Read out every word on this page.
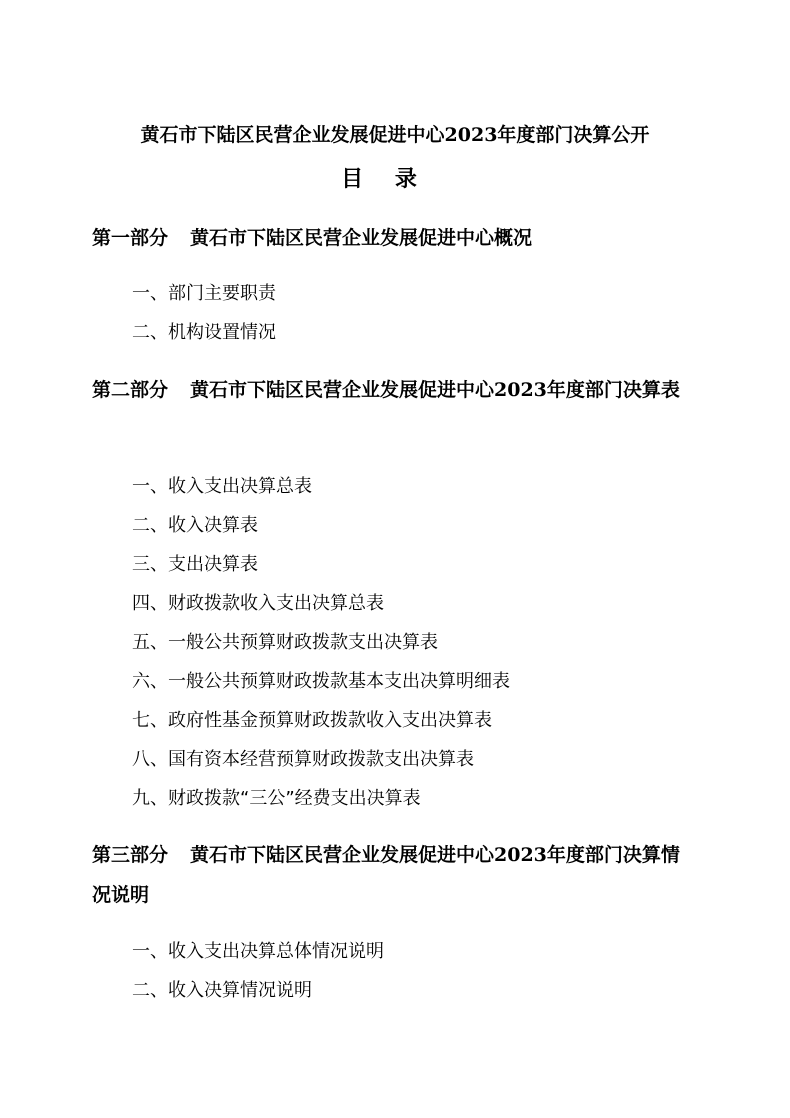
黄石市下陆区民营企业发展促进中心2023年度部门决算公开
目 录
第一部分 黄石市下陆区民营企业发展促进中心概况
一、部门主要职责
二、机构设置情况
第二部分 黄石市下陆区民营企业发展促进中心2023年度部门决算表
一、收入支出决算总表
二、收入决算表
三、支出决算表
四、财政拨款收入支出决算总表
五、一般公共预算财政拨款支出决算表
六、一般公共预算财政拨款基本支出决算明细表
七、政府性基金预算财政拨款收入支出决算表
八、国有资本经营预算财政拨款支出决算表
九、财政拨款“三公”经费支出决算表
第三部分 黄石市下陆区民营企业发展促进中心2023年度部门决算情况说明
一、收入支出决算总体情况说明
二、收入决算情况说明
